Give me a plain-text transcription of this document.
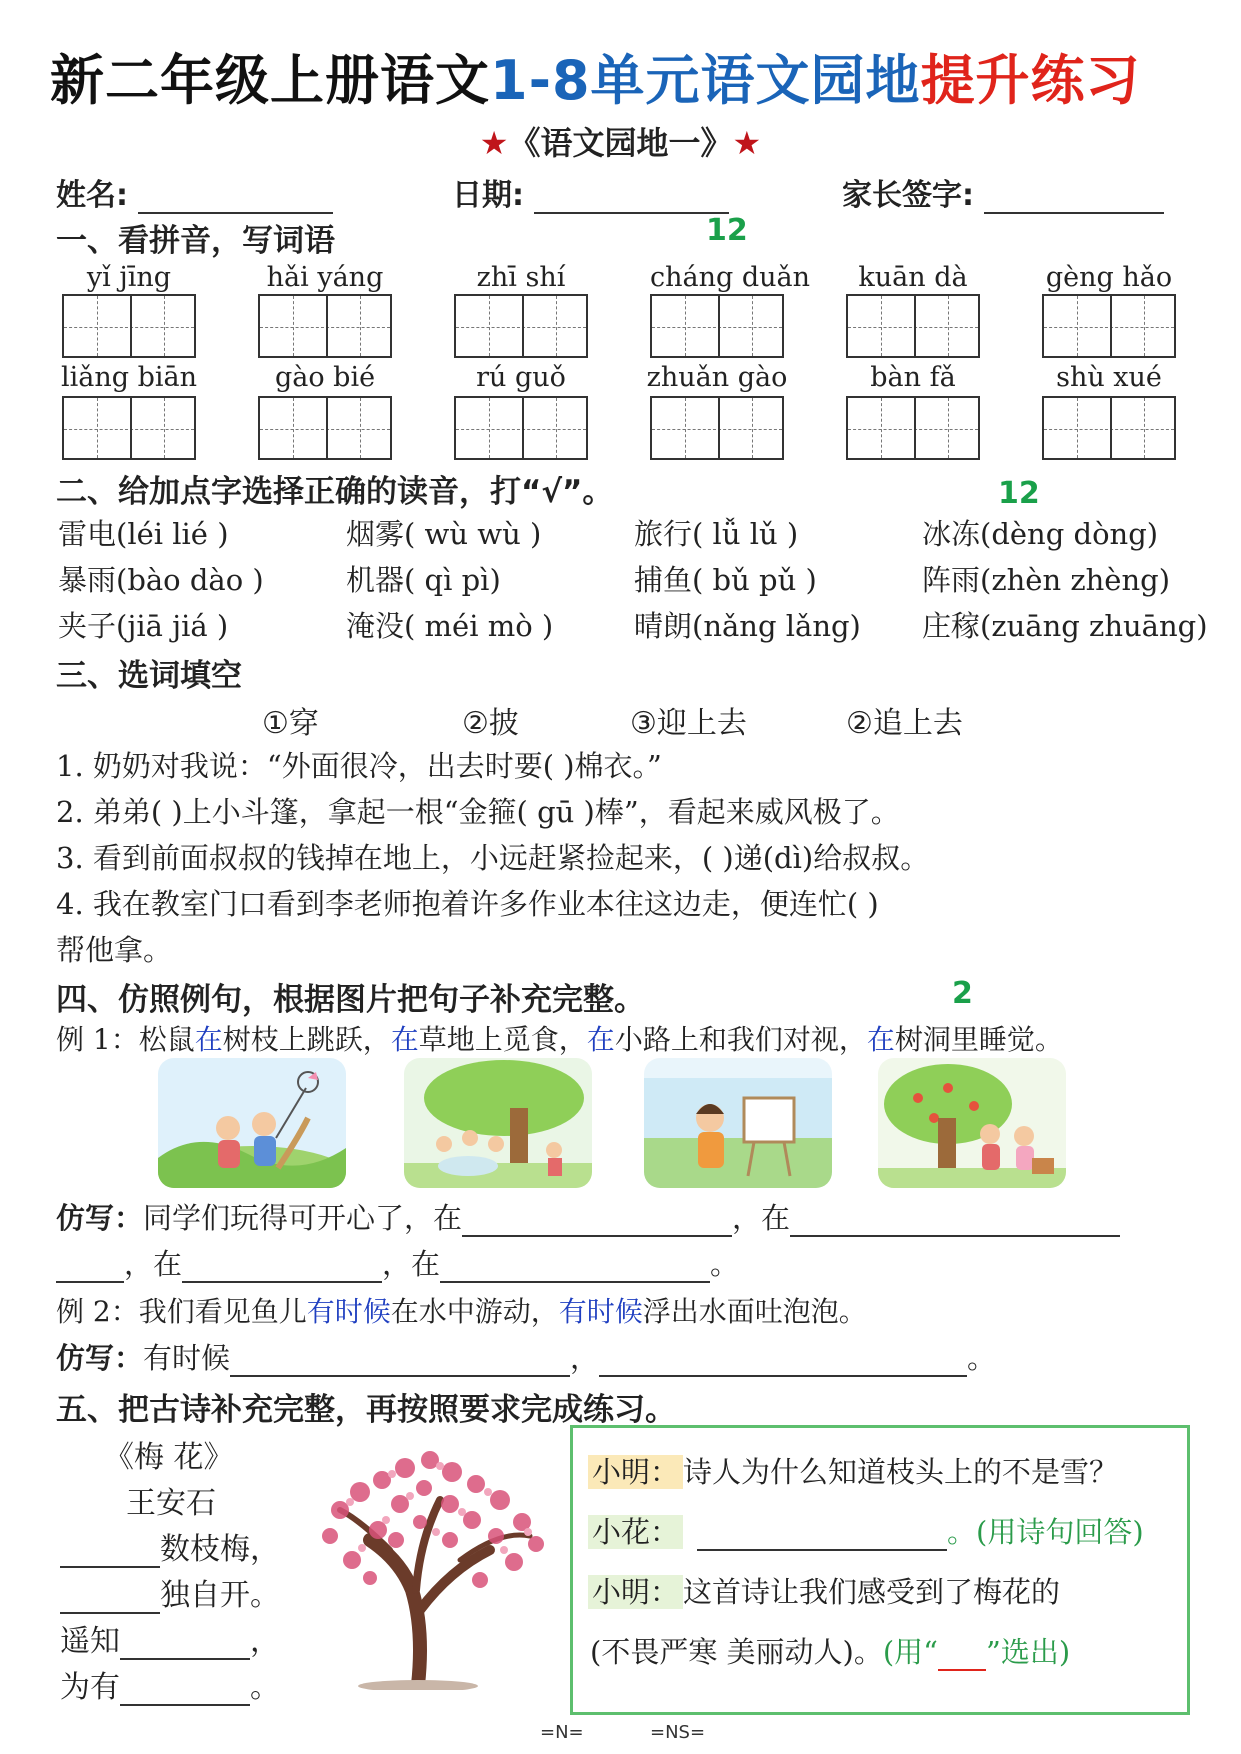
新二年级上册语文1-8单元语文园地提升练习
★《语文园地一》★
姓名:	日期:	家长签字:
一、看拼音，写词语	12
yǐ jīng	hǎi yáng	zhī shí	cháng duǎn	kuān dà	gèng hǎo
liǎng biān	gào bié	rú guǒ	zhuǎn gào	bàn fǎ	shù xué
二、给加点字选择正确的读音，打“√”。	12
雷电(léi lié )	烟雾( wù wù )	旅行( lǚ lǔ )	冰冻(dèng dòng)
暴雨(bào dào )	机器( qì pì)	捕鱼( bǔ pǔ )	阵雨(zhèn zhèng)
夹子(jiā jiá )	淹没( méi mò )	晴朗(nǎng lǎng) 庄稼(zuāng zhuāng)
三、选词填空
①穿	②披	③迎上去	②追上去
1. 奶奶对我说：“外面很冷，出去时要( )棉衣。”
2. 弟弟( )上小斗篷，拿起一根“金箍( gū )棒”，看起来威风极了。
3. 看到前面叔叔的钱掉在地上，小远赶紧捡起来，( )递(dì)给叔叔。
4. 我在教室门口看到李老师抱着许多作业本往这边走，便连忙( )
帮他拿。
四、仿照例句，根据图片把句子补充完整。	2
例 1：松鼠在树枝上跳跃，在草地上觅食，在小路上和我们对视，在树洞里睡觉。
仿写：同学们玩得可开心了，在	，在
，在	，在	。
例 2：我们看见鱼儿有时候在水中游动，有时候浮出水面吐泡泡。
仿写：有时候	，	。
五、把古诗补充完整，再按照要求完成练习。
《梅 花》
王安石
数枝梅，
独自开。
遥知	，
为有	。
小明： 诗人为什么知道枝头上的不是雪？
小花：	。(用诗句回答)
小明： 这首诗让我们感受到了梅花的
(不畏严寒 美丽动人)。(用“ ”选出)
=N=	=NS=
